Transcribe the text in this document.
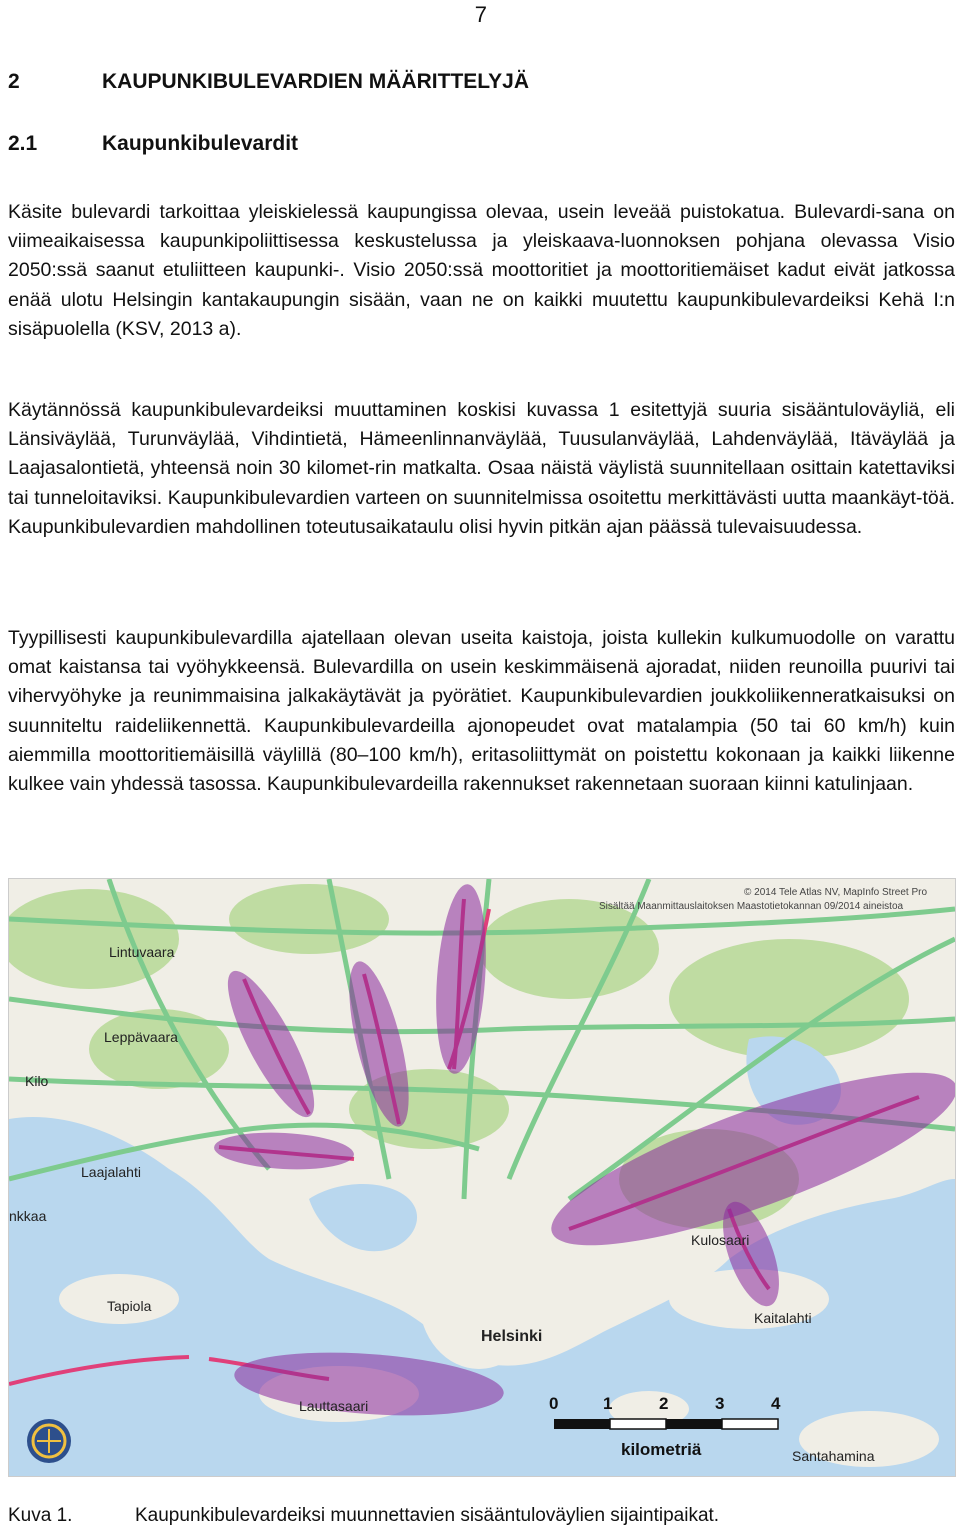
7
2	KAUPUNKIBULEVARDIEN MÄÄRITTELYJÄ
2.1	Kaupunkibulevardit

Käsite bulevardi tarkoittaa yleiskielessä kaupungissa olevaa, usein leveää puistokatua. Bulevardi-sana on viimeaikaisessa kaupunkipoliittisessa keskustelussa ja yleiskaava-luonnoksen pohjana olevassa Visio 2050:ssä saanut etuliitteen kaupunki-. Visio 2050:ssä moottoritiet ja moottoritiemäiset kadut eivät jatkossa enää ulotu Helsingin kantakaupungin sisään, vaan ne on kaikki muutettu kaupunkibulevardeiksi Kehä I:n sisäpuolella (KSV, 2013 a).

Käytännössä kaupunkibulevardeiksi muuttaminen koskisi kuvassa 1 esitettyjä suuria sisääntuloväyliä, eli Länsiväylää, Turunväylää, Vihdintietä, Hämeenlinnanväylää, Tuusulanväylää, Lahdenväylää, Itäväylää ja Laajasalontietä, yhteensä noin 30 kilomet-rin matkalta. Osaa näistä väylistä suunnitellaan osittain katettaviksi tai tunneloitaviksi. Kaupunkibulevardien varteen on suunnitelmissa osoitettu merkittävästi uutta maankäyt-töä. Kaupunkibulevardien mahdollinen toteutusaikataulu olisi hyvin pitkän ajan päässä tulevaisuudessa.

Tyypillisesti kaupunkibulevardilla ajatellaan olevan useita kaistoja, joista kullekin kulkumuodolle on varattu omat kaistansa tai vyöhykkeensä. Bulevardilla on usein keskimmäisenä ajoradat, niiden reunoilla puurivi tai vihervyöhyke ja reunimmaisina jalkakäytävät ja pyörätiet. Kaupunkibulevardien joukkoliikenneratkaisuksi on suunniteltu raideliikennettä. Kaupunkibulevardeilla ajonopeudet ovat matalampia (50 tai 60 km/h) kuin aiemmilla moottoritiemäisillä väylillä (80–100 km/h), eritasoliittymät on poistettu kokonaan ja kaikki liikenne kulkee vain yhdessä tasossa. Kaupunkibulevardeilla rakennukset rakennetaan suoraan kiinni katulinjaan.

Lintuvaara
Leppävaara
Kilo
Laajalahti
nkkaa
Tapiola
Lauttasaari
Helsinki
Kulosaari
Kaitalahti
Santahamina
© 2014 Tele Atlas NV, MapInfo Street Pro
Sisältää Maanmittauslaitoksen Maastotietokannan 09/2014 aineistoa
0	1	2	3	4
kilometriä
Kuva 1.	Kaupunkibulevardeiksi muunnettavien sisääntuloväylien sijaintipaikat.
